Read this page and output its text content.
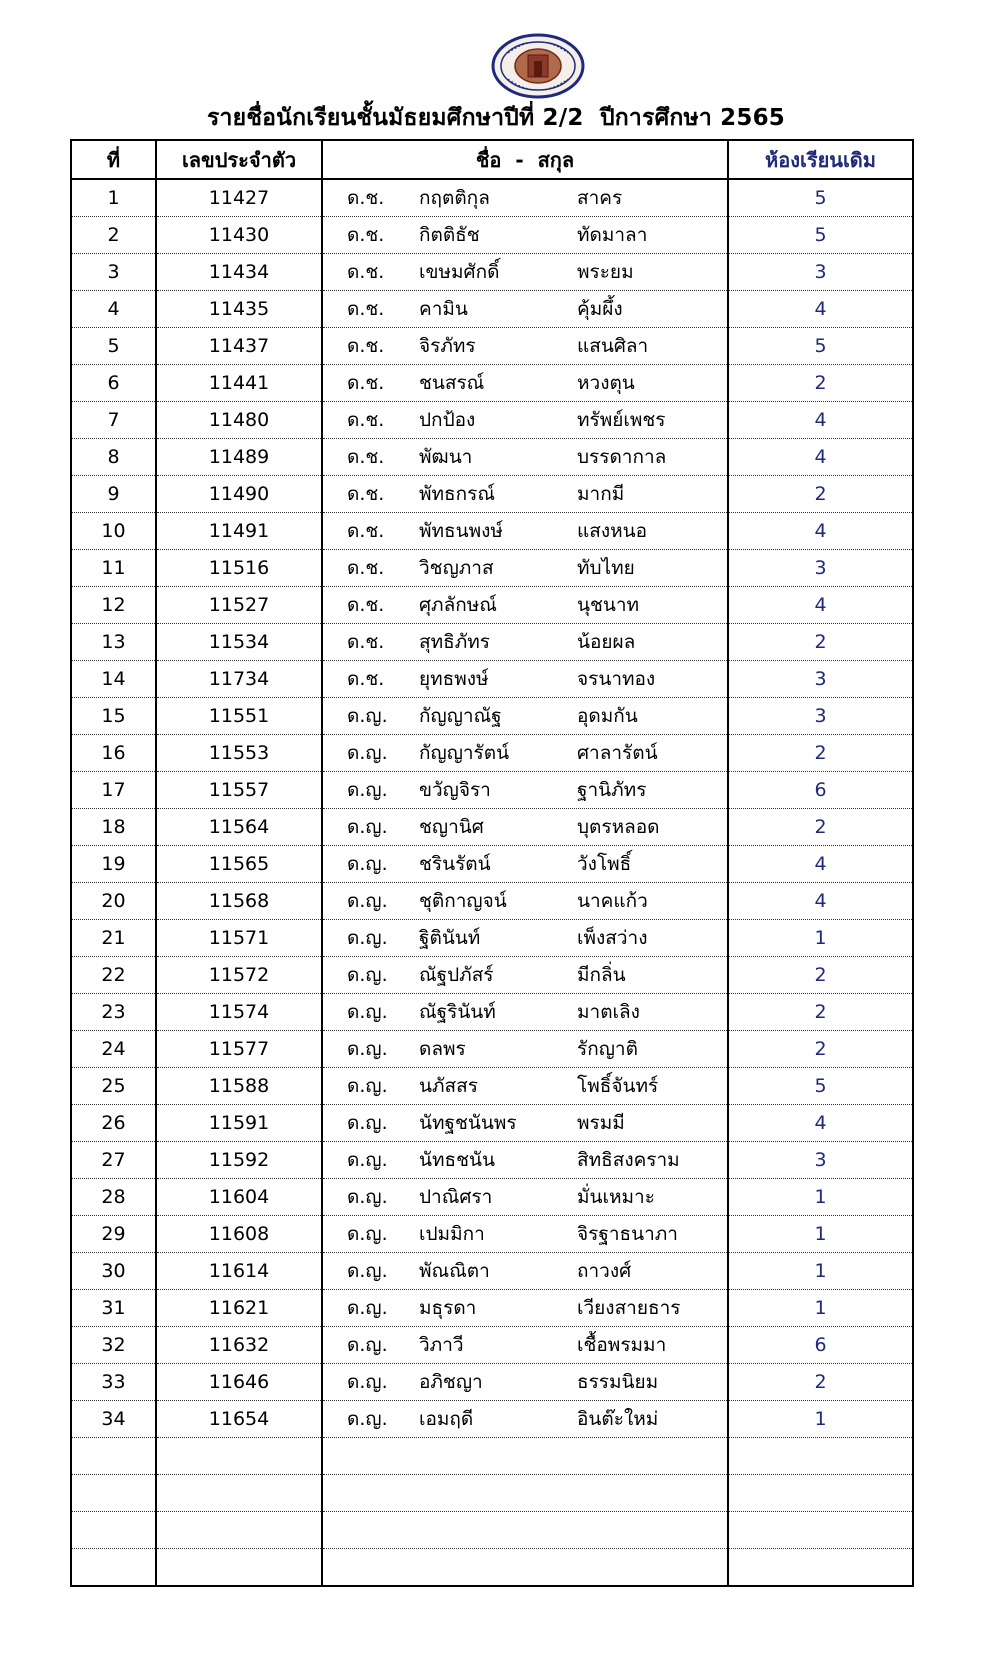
รายชื่อนักเรียนชั้นมัธยมศึกษาปีที่ 2/2  ปีการศึกษา 2565
ที่	เลขประจำตัว	ชื่อ  -  สกุล	ห้องเรียนเดิม
1	11427	ด.ช. กฤตติกุล สาคร	5
2	11430	ด.ช. กิตติธัช ทัดมาลา	5
3	11434	ด.ช. เขษมศักดิ์ พระยม	3
4	11435	ด.ช. คามิน คุ้มผึ้ง	4
5	11437	ด.ช. จิรภัทร แสนศิลา	5
6	11441	ด.ช. ชนสรณ์ หวงตุน	2
7	11480	ด.ช. ปกป้อง ทรัพย์เพชร	4
8	11489	ด.ช. พัฒนา บรรดากาล	4
9	11490	ด.ช. พัทธกรณ์ มากมี	2
10	11491	ด.ช. พัทธนพงษ์ แสงหนอ	4
11	11516	ด.ช. วิชญภาส ทับไทย	3
12	11527	ด.ช. ศุภลักษณ์ นุชนาท	4
13	11534	ด.ช. สุทธิภัทร น้อยผล	2
14	11734	ด.ช. ยุทธพงษ์ จรนาทอง	3
15	11551	ด.ญ. กัญญาณัฐ อุดมกัน	3
16	11553	ด.ญ. กัญญารัตน์ ศาลารัตน์	2
17	11557	ด.ญ. ขวัญจิรา ฐานิภัทร	6
18	11564	ด.ญ. ชญานิศ บุตรหลอด	2
19	11565	ด.ญ. ชรินรัตน์ วังโพธิ์	4
20	11568	ด.ญ. ชุติกาญจน์ นาคแก้ว	4
21	11571	ด.ญ. ฐิตินันท์ เพ็งสว่าง	1
22	11572	ด.ญ. ณัฐปภัสร์ มีกลิ่น	2
23	11574	ด.ญ. ณัฐรินันท์ มาตเลิง	2
24	11577	ด.ญ. ดลพร รักญาติ	2
25	11588	ด.ญ. นภัสสร โพธิ์จันทร์	5
26	11591	ด.ญ. นัทฐชนันพร พรมมี	4
27	11592	ด.ญ. นัทธชนัน สิทธิสงคราม	3
28	11604	ด.ญ. ปาณิศรา มั่นเหมาะ	1
29	11608	ด.ญ. เปมมิกา จิรฐาธนาภา	1
30	11614	ด.ญ. พัณณิตา ถาวงศ์	1
31	11621	ด.ญ. มธุรดา เวียงสายธาร	1
32	11632	ด.ญ. วิภาวี เชื้อพรมมา	6
33	11646	ด.ญ. อภิชญา ธรรมนิยม	2
34	11654	ด.ญ. เอมฤดี อินต๊ะใหม่	1
